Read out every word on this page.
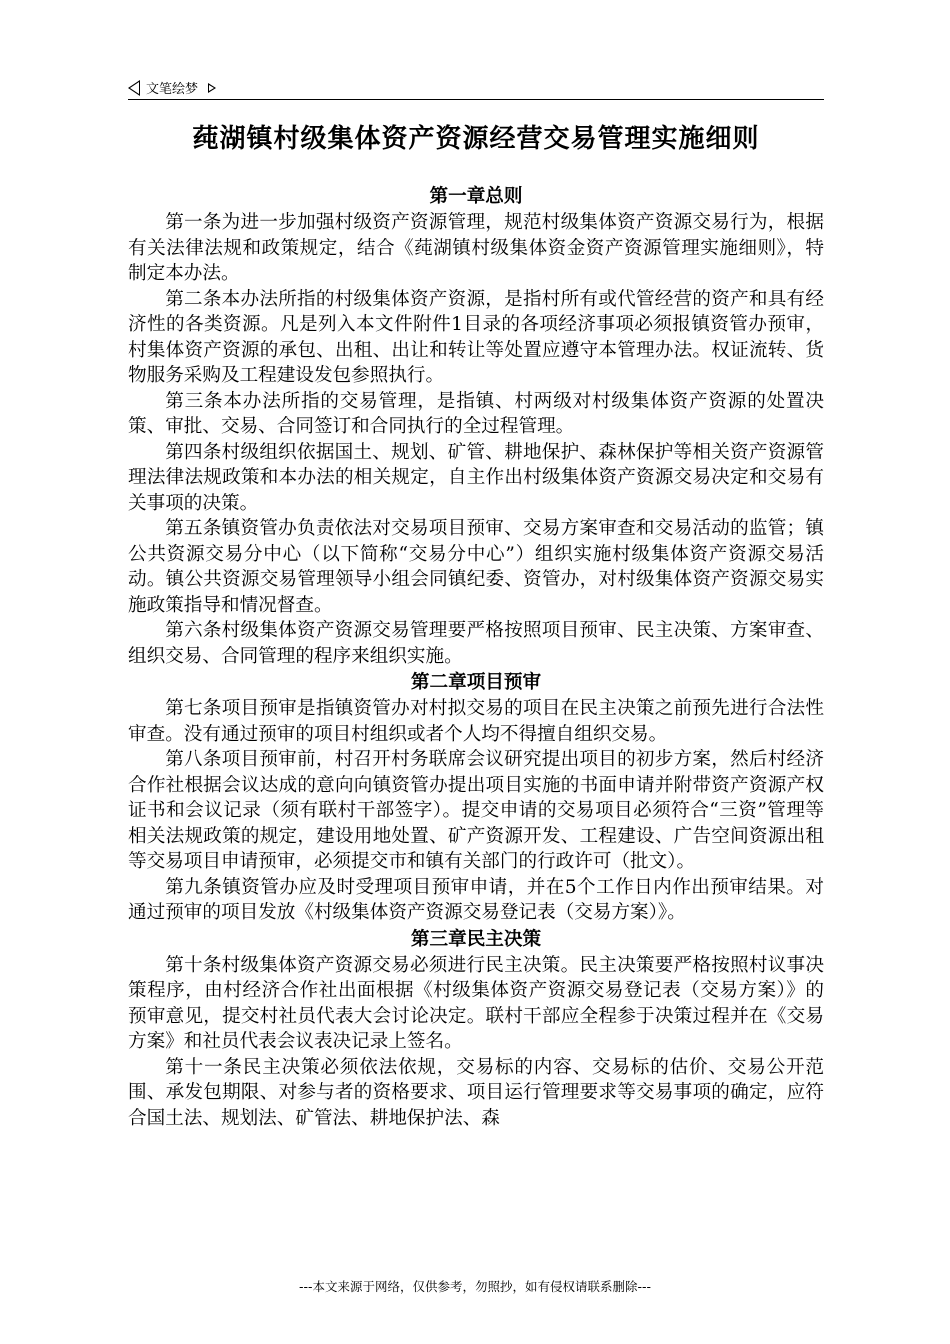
文笔绘梦
莼湖镇村级集体资产资源经营交易管理实施细则
第一章总则

第一条为进一步加强村级资产资源管理，规范村级集体资产资源交易行为，根据有关法律法规和政策规定，结合《莼湖镇村级集体资金资产资源管理实施细则》，特制定本办法。

第二条本办法所指的村级集体资产资源，是指村所有或代管经营的资产和具有经济性的各类资源。凡是列入本文件附件1目录的各项经济事项必须报镇资管办预审，村集体资产资源的承包、出租、出让和转让等处置应遵守本管理办法。权证流转、货物服务采购及工程建设发包参照执行。

第三条本办法所指的交易管理，是指镇、村两级对村级集体资产资源的处置决策、审批、交易、合同签订和合同执行的全过程管理。

第四条村级组织依据国土、规划、矿管、耕地保护、森林保护等相关资产资源管理法律法规政策和本办法的相关规定，自主作出村级集体资产资源交易决定和交易有关事项的决策。

第五条镇资管办负责依法对交易项目预审、交易方案审查和交易活动的监管；镇公共资源交易分中心（以下简称“交易分中心”）组织实施村级集体资产资源交易活动。镇公共资源交易管理领导小组会同镇纪委、资管办，对村级集体资产资源交易实施政策指导和情况督查。

第六条村级集体资产资源交易管理要严格按照项目预审、民主决策、方案审查、组织交易、合同管理的程序来组织实施。

第二章项目预审

第七条项目预审是指镇资管办对村拟交易的项目在民主决策之前预先进行合法性审查。没有通过预审的项目村组织或者个人均不得擅自组织交易。

第八条项目预审前，村召开村务联席会议研究提出项目的初步方案，然后村经济合作社根据会议达成的意向向镇资管办提出项目实施的书面申请并附带资产资源产权证书和会议记录（须有联村干部签字）。提交申请的交易项目必须符合“三资”管理等相关法规政策的规定，建设用地处置、矿产资源开发、工程建设、广告空间资源出租等交易项目申请预审，必须提交市和镇有关部门的行政许可（批文）。

第九条镇资管办应及时受理项目预审申请，并在5个工作日内作出预审结果。对通过预审的项目发放《村级集体资产资源交易登记表（交易方案）》。

第三章民主决策

第十条村级集体资产资源交易必须进行民主决策。民主决策要严格按照村议事决策程序，由村经济合作社出面根据《村级集体资产资源交易登记表（交易方案）》的预审意见，提交村社员代表大会讨论决定。联村干部应全程参于决策过程并在《交易方案》和社员代表会议表决记录上签名。

第十一条民主决策必须依法依规，交易标的内容、交易标的估价、交易公开范围、承发包期限、对参与者的资格要求、项目运行管理要求等交易事项的确定，应符合国土法、规划法、矿管法、耕地保护法、森

---本文来源于网络，仅供参考，勿照抄，如有侵权请联系删除---
